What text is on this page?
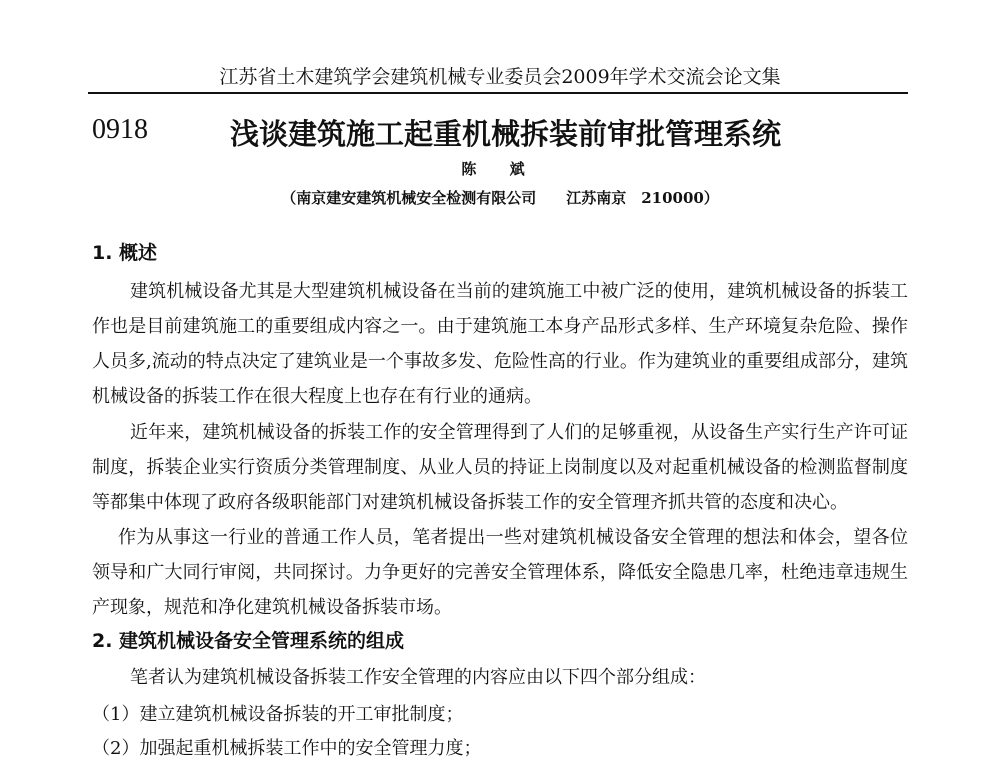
江苏省土木建筑学会建筑机械专业委员会2009年学术交流会论文集
0918	浅谈建筑施工起重机械拆装前审批管理系统
陈 斌
（南京建安建筑机械安全检测有限公司　　江苏南京　210000）
1. 概述
建筑机械设备尤其是大型建筑机械设备在当前的建筑施工中被广泛的使用，建筑机械设备的拆装工
作也是目前建筑施工的重要组成内容之一。由于建筑施工本身产品形式多样、生产环境复杂危险、操作
人员多,流动的特点决定了建筑业是一个事故多发、危险性高的行业。作为建筑业的重要组成部分，建筑
机械设备的拆装工作在很大程度上也存在有行业的通病。
近年来，建筑机械设备的拆装工作的安全管理得到了人们的足够重视，从设备生产实行生产许可证
制度，拆装企业实行资质分类管理制度、从业人员的持证上岗制度以及对起重机械设备的检测监督制度
等都集中体现了政府各级职能部门对建筑机械设备拆装工作的安全管理齐抓共管的态度和决心。
作为从事这一行业的普通工作人员，笔者提出一些对建筑机械设备安全管理的想法和体会，望各位
领导和广大同行审阅，共同探讨。力争更好的完善安全管理体系，降低安全隐患几率，杜绝违章违规生
产现象，规范和净化建筑机械设备拆装市场。
2. 建筑机械设备安全管理系统的组成
笔者认为建筑机械设备拆装工作安全管理的内容应由以下四个部分组成：
（1）建立建筑机械设备拆装的开工审批制度；
（2）加强起重机械拆装工作中的安全管理力度；
